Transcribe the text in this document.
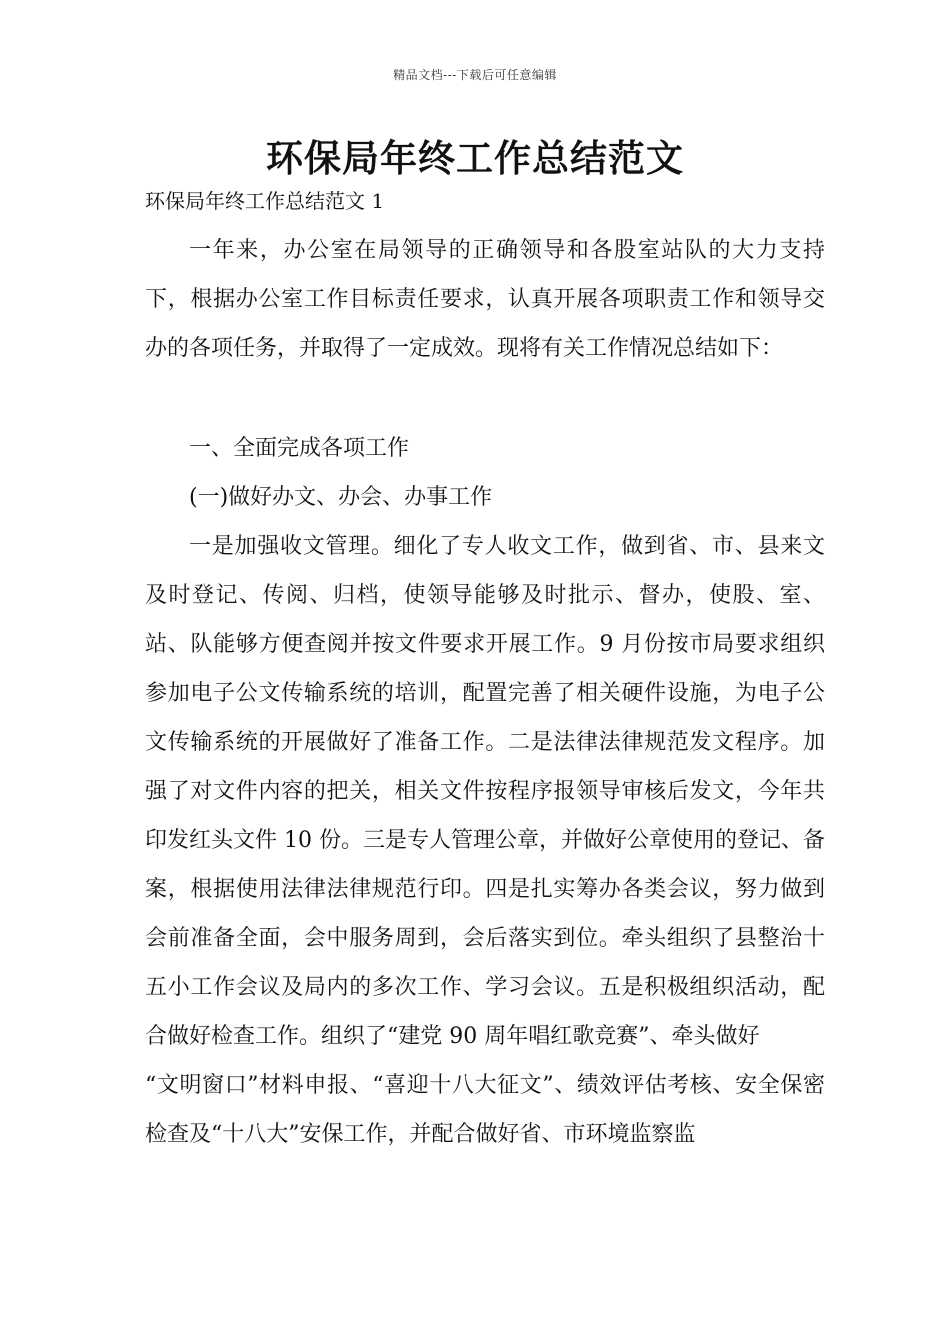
精品文档---下载后可任意编辑
环保局年终工作总结范文
环保局年终工作总结范文 1

一年来，办公室在局领导的正确领导和各股室站队的大力支持下，根据办公室工作目标责任要求，认真开展各项职责工作和领导交办的各项任务，并取得了一定成效。现将有关工作情况总结如下：

一、全面完成各项工作

(一)做好办文、办会、办事工作

一是加强收文管理。细化了专人收文工作，做到省、市、县来文及时登记、传阅、归档，使领导能够及时批示、督办，使股、室、站、队能够方便查阅并按文件要求开展工作。9 月份按市局要求组织参加电子公文传输系统的培训，配置完善了相关硬件设施，为电子公文传输系统的开展做好了准备工作。二是法律法律规范发文程序。加强了对文件内容的把关，相关文件按程序报领导审核后发文，今年共印发红头文件 10 份。三是专人管理公章，并做好公章使用的登记、备案，根据使用法律法律规范行印。四是扎实筹办各类会议，努力做到会前准备全面，会中服务周到，会后落实到位。牵头组织了县整治十五小工作会议及局内的多次工作、学习会议。五是积极组织活动，配合做好检查工作。组织了“建党 90 周年唱红歌竞赛”、牵头做好

“文明窗口”材料申报、“喜迎十八大征文”、绩效评估考核、安全保密检查及“十八大”安保工作，并配合做好省、市环境监察监
